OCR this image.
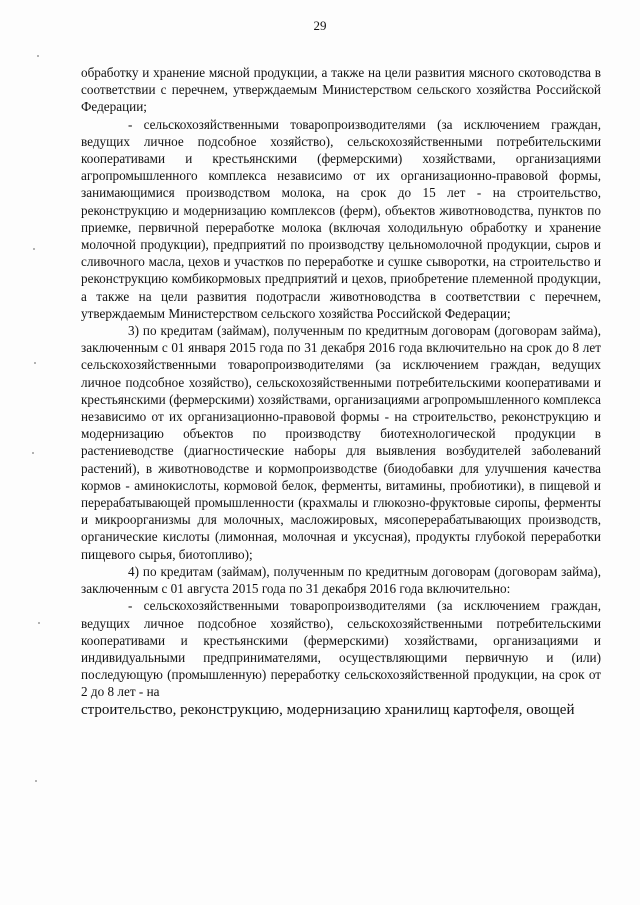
29

обработку и хранение мясной продукции, а также на цели развития мясного скотоводства в соответствии с перечнем, утверждаемым Министерством сельского хозяйства Российской Федерации;

- сельскохозяйственными товаропроизводителями (за исключением граждан, ведущих личное подсобное хозяйство), сельскохозяйственными потребительскими кооперативами и крестьянскими (фермерскими) хозяйствами, организациями агропромышленного комплекса независимо от их организационно-правовой формы, занимающимися производством молока, на срок до 15 лет - на строительство, реконструкцию и модернизацию комплексов (ферм), объектов животноводства, пунктов по приемке, первичной переработке молока (включая холодильную обработку и хранение молочной продукции), предприятий по производству цельномолочной продукции, сыров и сливочного масла, цехов и участков по переработке и сушке сыворотки, на строительство и реконструкцию комбикормовых предприятий и цехов, приобретение племенной продукции, а также на цели развития подотрасли животноводства в соответствии с перечнем, утверждаемым Министерством сельского хозяйства Российской Федерации;

3) по кредитам (займам), полученным по кредитным договорам (договорам займа), заключенным с 01 января 2015 года по 31 декабря 2016 года включительно на срок до 8 лет сельскохозяйственными товаропроизводителями (за исключением граждан, ведущих личное подсобное хозяйство), сельскохозяйственными потребительскими кооперативами и крестьянскими (фермерскими) хозяйствами, организациями агропромышленного комплекса независимо от их организационно-правовой формы - на строительство, реконструкцию и модернизацию объектов по производству биотехнологической продукции в растениеводстве (диагностические наборы для выявления возбудителей заболеваний растений), в животноводстве и кормопроизводстве (биодобавки для улучшения качества кормов - аминокислоты, кормовой белок, ферменты, витамины, пробиотики), в пищевой и перерабатывающей промышленности (крахмалы и глюкозно-фруктовые сиропы, ферменты и микроорганизмы для молочных, масложировых, мясоперерабатывающих производств, органические кислоты (лимонная, молочная и уксусная), продукты глубокой переработки пищевого сырья, биотопливо);

4) по кредитам (займам), полученным по кредитным договорам (договорам займа), заключенным с 01 августа 2015 года по 31 декабря 2016 года включительно:

- сельскохозяйственными товаропроизводителями (за исключением граждан, ведущих личное подсобное хозяйство), сельскохозяйственными потребительскими кооперативами и крестьянскими (фермерскими) хозяйствами, организациями и индивидуальными предпринимателями, осуществляющими первичную и (или) последующую (промышленную) переработку сельскохозяйственной продукции, на срок от 2 до 8 лет - на

строительство, реконструкцию, модернизацию хранилищ картофеля, овощей
